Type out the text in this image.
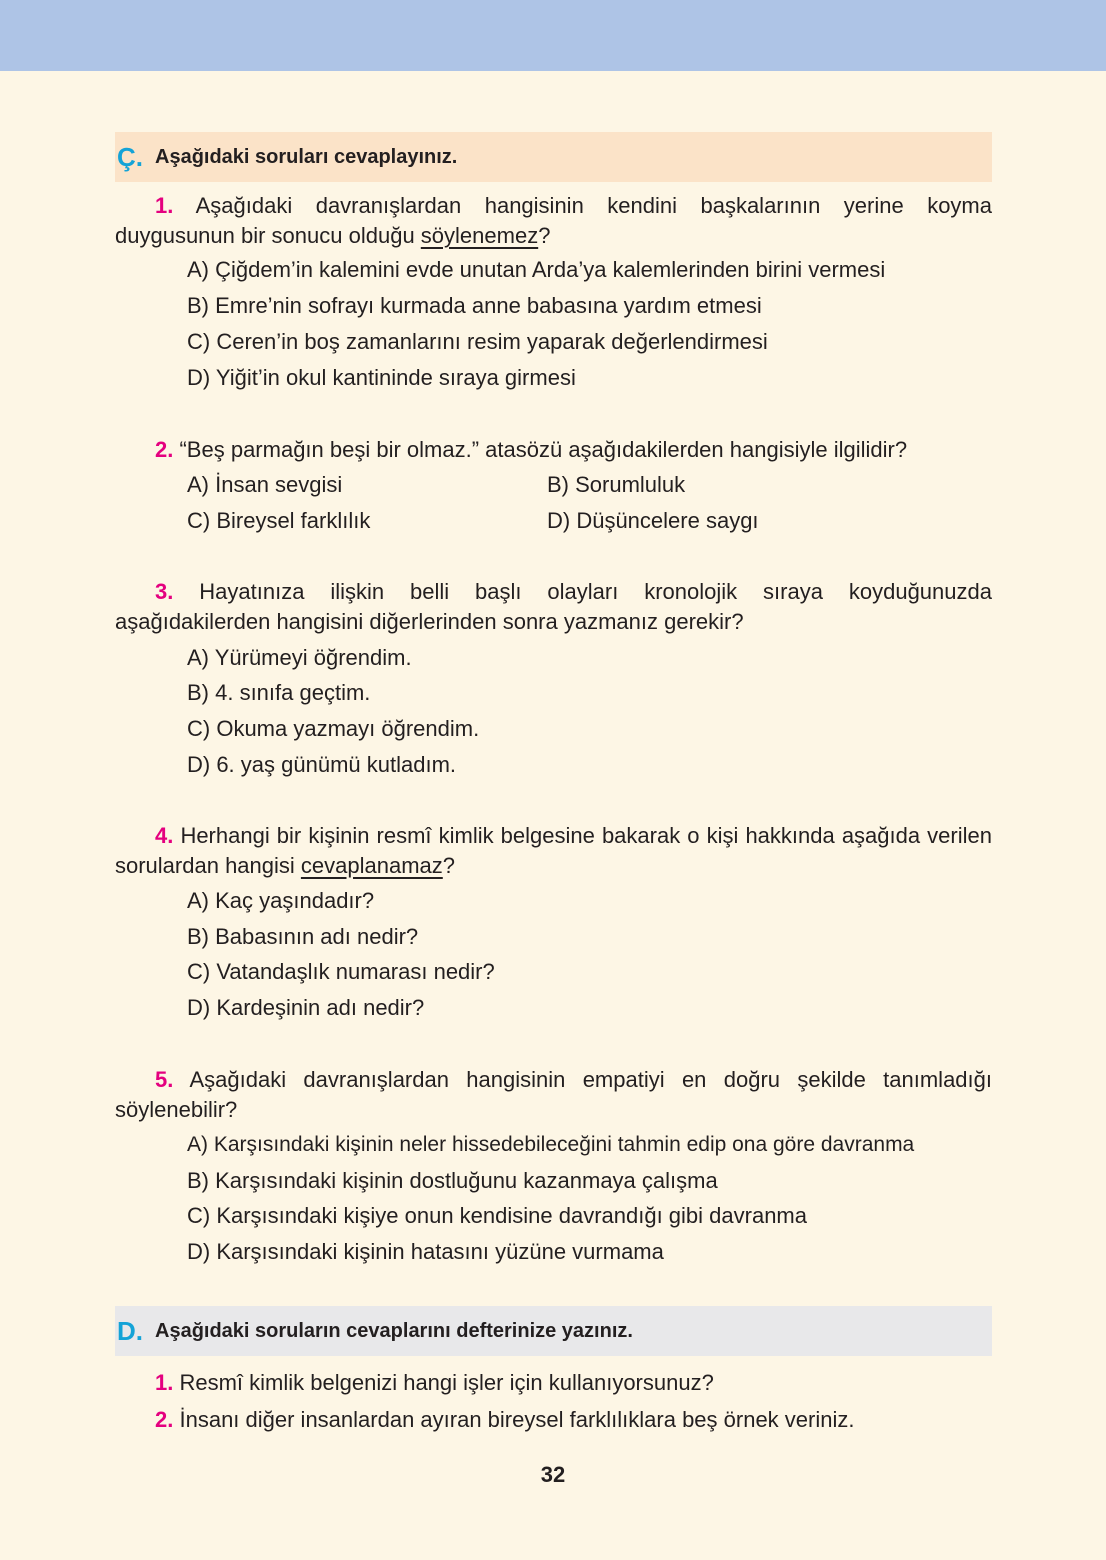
Ç. Aşağıdaki soruları cevaplayınız.
1. Aşağıdaki davranışlardan hangisinin kendini başkalarının yerine koyma duygusunun bir sonucu olduğu söylenemez?
A) Çiğdem’in kalemini evde unutan Arda’ya kalemlerinden birini vermesi
B) Emre’nin sofrayı kurmada anne babasına yardım etmesi
C) Ceren’in boş zamanlarını resim yaparak değerlendirmesi
D) Yiğit’in okul kantininde sıraya girmesi
2. “Beş parmağın beşi bir olmaz.” atasözü aşağıdakilerden hangisiyle ilgilidir?
A) İnsan sevgisi	B) Sorumluluk
C) Bireysel farklılık	D) Düşüncelere saygı
3. Hayatınıza ilişkin belli başlı olayları kronolojik sıraya koyduğunuzda aşağıdakilerden hangisini diğerlerinden sonra yazmanız gerekir?
A) Yürümeyi öğrendim.
B) 4. sınıfa geçtim.
C) Okuma yazmayı öğrendim.
D) 6. yaş günümü kutladım.
4. Herhangi bir kişinin resmî kimlik belgesine bakarak o kişi hakkında aşağıda verilen sorulardan hangisi cevaplanamaz?
A) Kaç yaşındadır?
B) Babasının adı nedir?
C) Vatandaşlık numarası nedir?
D) Kardeşinin adı nedir?
5. Aşağıdaki davranışlardan hangisinin empatiyi en doğru şekilde tanımladığı söylenebilir?
A) Karşısındaki kişinin neler hissedebileceğini tahmin edip ona göre davranma
B) Karşısındaki kişinin dostluğunu kazanmaya çalışma
C) Karşısındaki kişiye onun kendisine davrandığı gibi davranma
D) Karşısındaki kişinin hatasını yüzüne vurmama
D. Aşağıdaki soruların cevaplarını defterinize yazınız.
1. Resmî kimlik belgenizi hangi işler için kullanıyorsunuz?
2. İnsanı diğer insanlardan ayıran bireysel farklılıklara beş örnek veriniz.
32
